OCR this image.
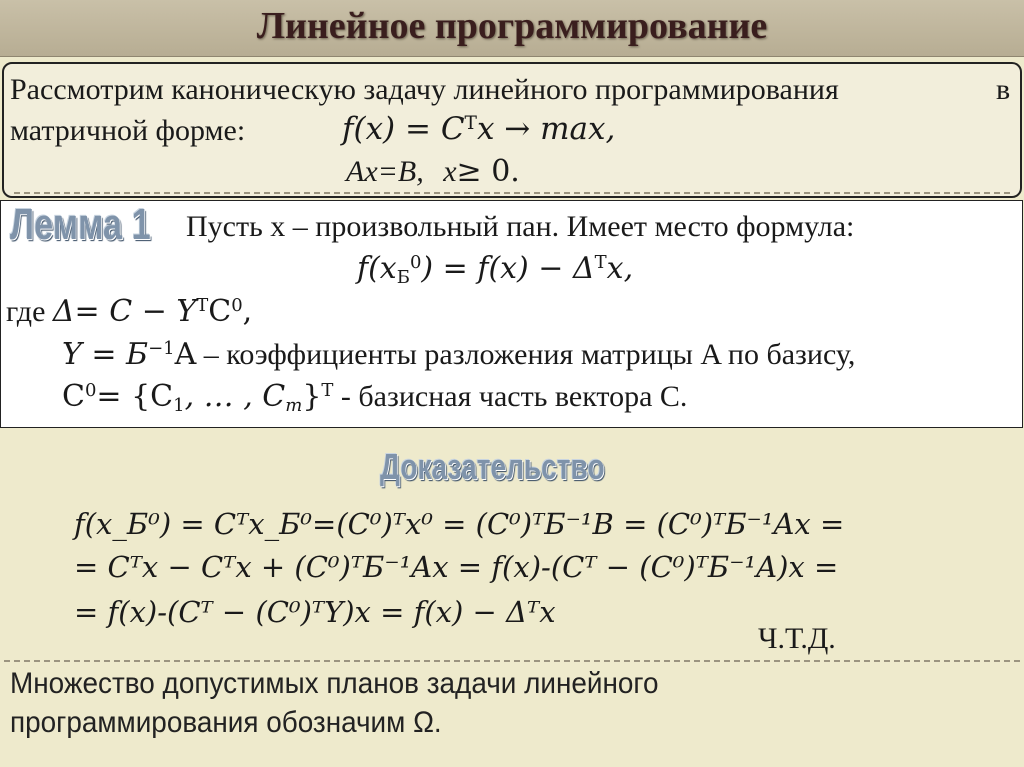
Линейное программирование
Рассмотрим каноническую задачу линейного программирования	в
матричной форме:	$f(x) = C^Tx \to \max$,
Ax=B, x≥ 0.
Лемма 1 Пусть x – произвольный пан. Имеет место формула:
$f(x_Б^0) = f(x) - \Delta^Tx$,
где $\Delta= C - Y^TC^0$,
$Y = Б^{-1}A$ – коэффициенты разложения матрицы A по базису,
$C^0= \{C_1$, … , $C_m\}^T$ - базисная часть вектора C.
Доказательство
f(x_Б⁰) = Cᵀx_Б⁰=(C⁰)ᵀx⁰ = (C⁰)ᵀБ⁻¹B = (C⁰)ᵀБ⁻¹Ax =
= Cᵀx − Cᵀx + (C⁰)ᵀБ⁻¹Ax = f(x)-(Cᵀ − (C⁰)ᵀБ⁻¹A)x =
= f(x)-(Cᵀ − (C⁰)ᵀY)x = f(x) − Δᵀx
Ч.Т.Д.
Множество допустимых планов задачи линейного
программирования обозначим Ω.
